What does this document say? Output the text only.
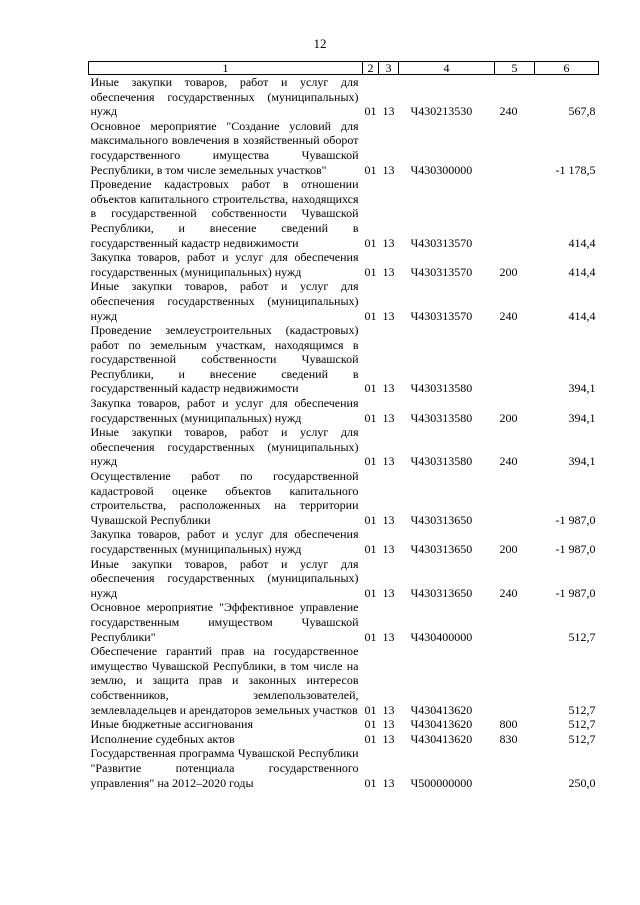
12
1	2	3	4	5	6
Иные закупки товаров, работ и услуг для обеспечения государственных (муниципальных) нужд	01	13	Ч430213530	240	567,8
Основное мероприятие "Создание условий для максимального вовлечения в хозяйственный оборот государственного имущества Чувашской Республики, в том числе земельных участков"	01	13	Ч430300000		-1 178,5
Проведение кадастровых работ в отношении объектов капитального строительства, находящихся в государственной собственности Чувашской Республики, и внесение сведений в государственный кадастр недвижимости	01	13	Ч430313570		414,4
Закупка товаров, работ и услуг для обеспечения государственных (муниципальных) нужд	01	13	Ч430313570	200	414,4
Иные закупки товаров, работ и услуг для обеспечения государственных (муниципальных) нужд	01	13	Ч430313570	240	414,4
Проведение землеустроительных (кадастровых) работ по земельным участкам, находящимся в государственной собственности Чувашской Республики, и внесение сведений в государственный кадастр недвижимости	01	13	Ч430313580		394,1
Закупка товаров, работ и услуг для обеспечения государственных (муниципальных) нужд	01	13	Ч430313580	200	394,1
Иные закупки товаров, работ и услуг для обеспечения государственных (муниципальных) нужд	01	13	Ч430313580	240	394,1
Осуществление работ по государственной кадастровой оценке объектов капитального строительства, расположенных на территории Чувашской Республики	01	13	Ч430313650		-1 987,0
Закупка товаров, работ и услуг для обеспечения государственных (муниципальных) нужд	01	13	Ч430313650	200	-1 987,0
Иные закупки товаров, работ и услуг для обеспечения государственных (муниципальных) нужд	01	13	Ч430313650	240	-1 987,0
Основное мероприятие "Эффективное управление государственным имуществом Чувашской Республики"	01	13	Ч430400000		512,7
Обеспечение гарантий прав на государственное имущество Чувашской Республики, в том числе на землю, и защита прав и законных интересов собственников, землепользователей, землевладельцев и арендаторов земельных участков	01	13	Ч430413620		512,7
Иные бюджетные ассигнования	01	13	Ч430413620	800	512,7
Исполнение судебных актов	01	13	Ч430413620	830	512,7
Государственная программа Чувашской Республики "Развитие потенциала государственного управления" на 2012–2020 годы	01	13	Ч500000000		250,0
